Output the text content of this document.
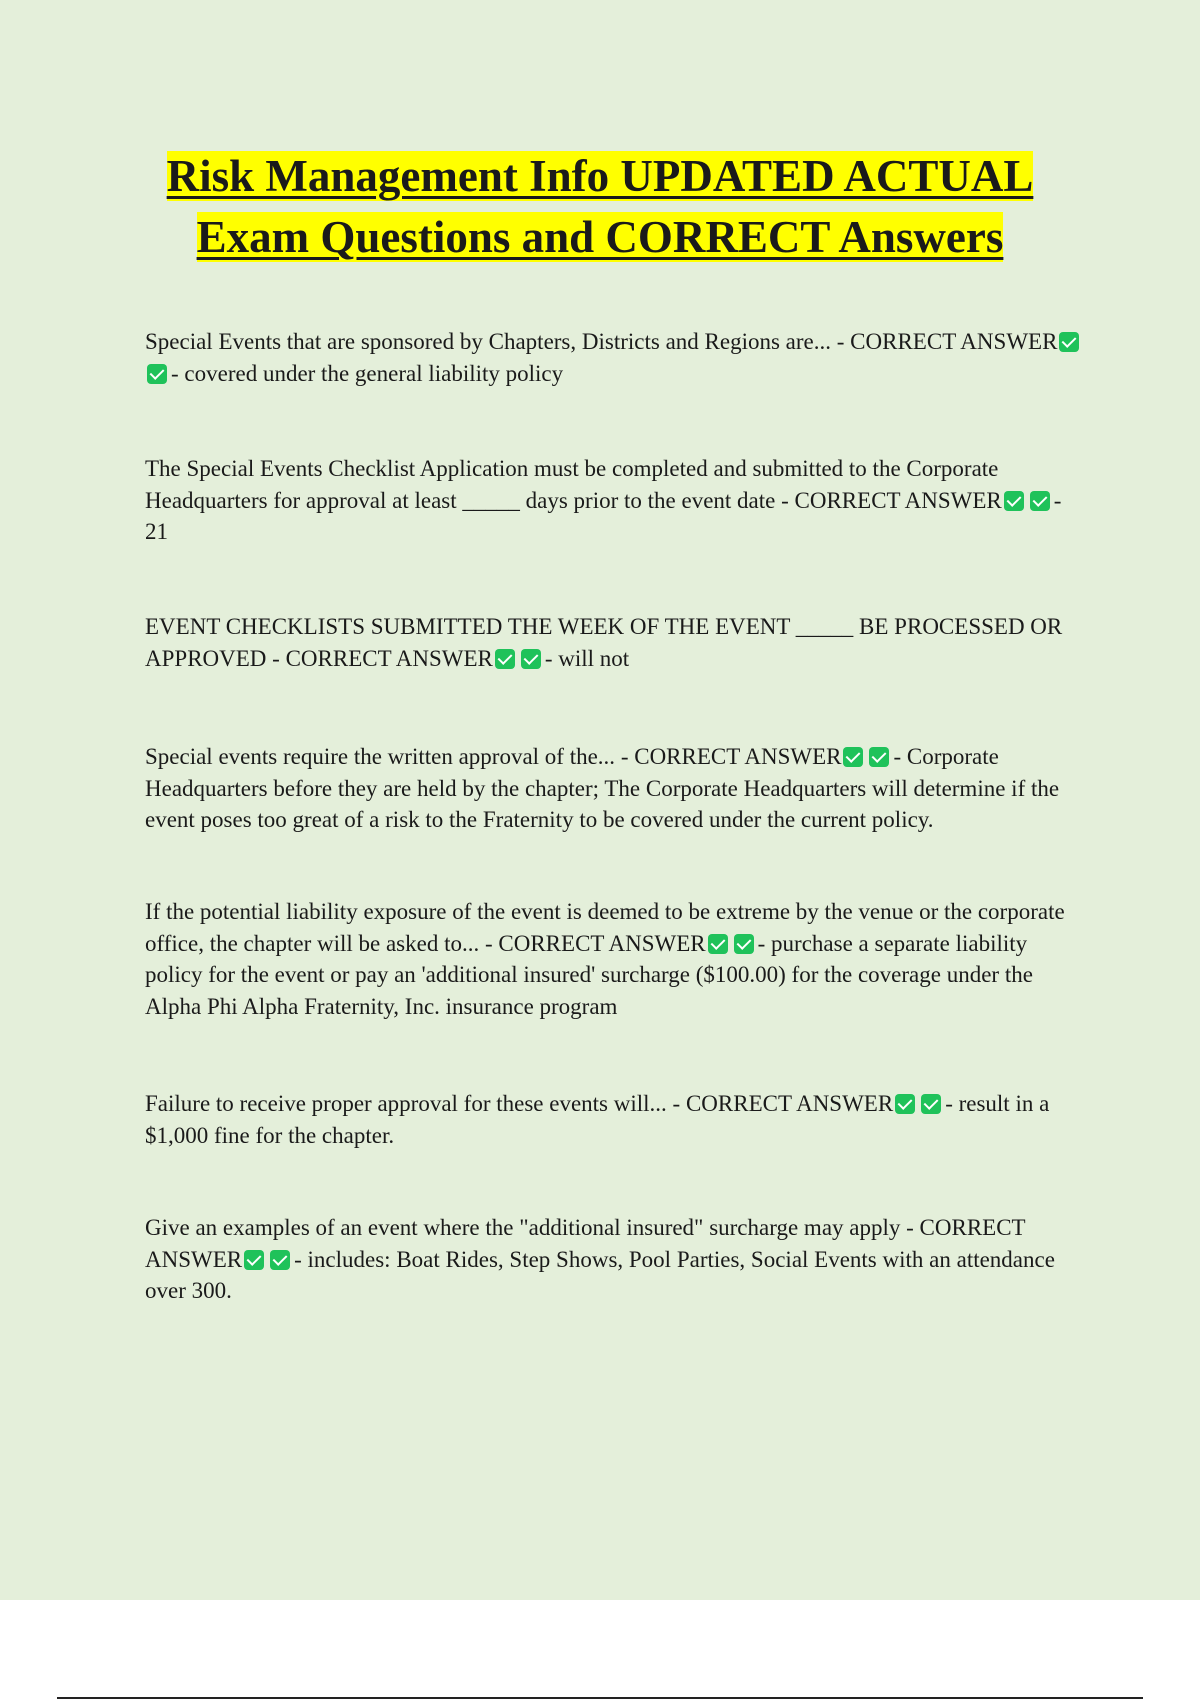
Risk Management Info UPDATED ACTUAL
Exam Questions and CORRECT Answers

Special Events that are sponsored by Chapters, Districts and Regions are... - CORRECT ANSWER- covered under the general liability policy

The Special Events Checklist Application must be completed and submitted to the Corporate Headquarters for approval at least _____ days prior to the event date - CORRECT ANSWER - 21

EVENT CHECKLISTS SUBMITTED THE WEEK OF THE EVENT _____ BE PROCESSED OR APPROVED - CORRECT ANSWER - will not

Special events require the written approval of the... - CORRECT ANSWER - Corporate Headquarters before they are held by the chapter; The Corporate Headquarters will determine if the event poses too great of a risk to the Fraternity to be covered under the current policy.

If the potential liability exposure of the event is deemed to be extreme by the venue or the corporate office, the chapter will be asked to... - CORRECT ANSWER - purchase a separate liability policy for the event or pay an 'additional insured' surcharge ($100.00) for the coverage under the Alpha Phi Alpha Fraternity, Inc. insurance program

Failure to receive proper approval for these events will... - CORRECT ANSWER - result in a $1,000 fine for the chapter.

Give an examples of an event where the "additional insured" surcharge may apply - CORRECT ANSWER - includes: Boat Rides, Step Shows, Pool Parties, Social Events with an attendance over 300.
